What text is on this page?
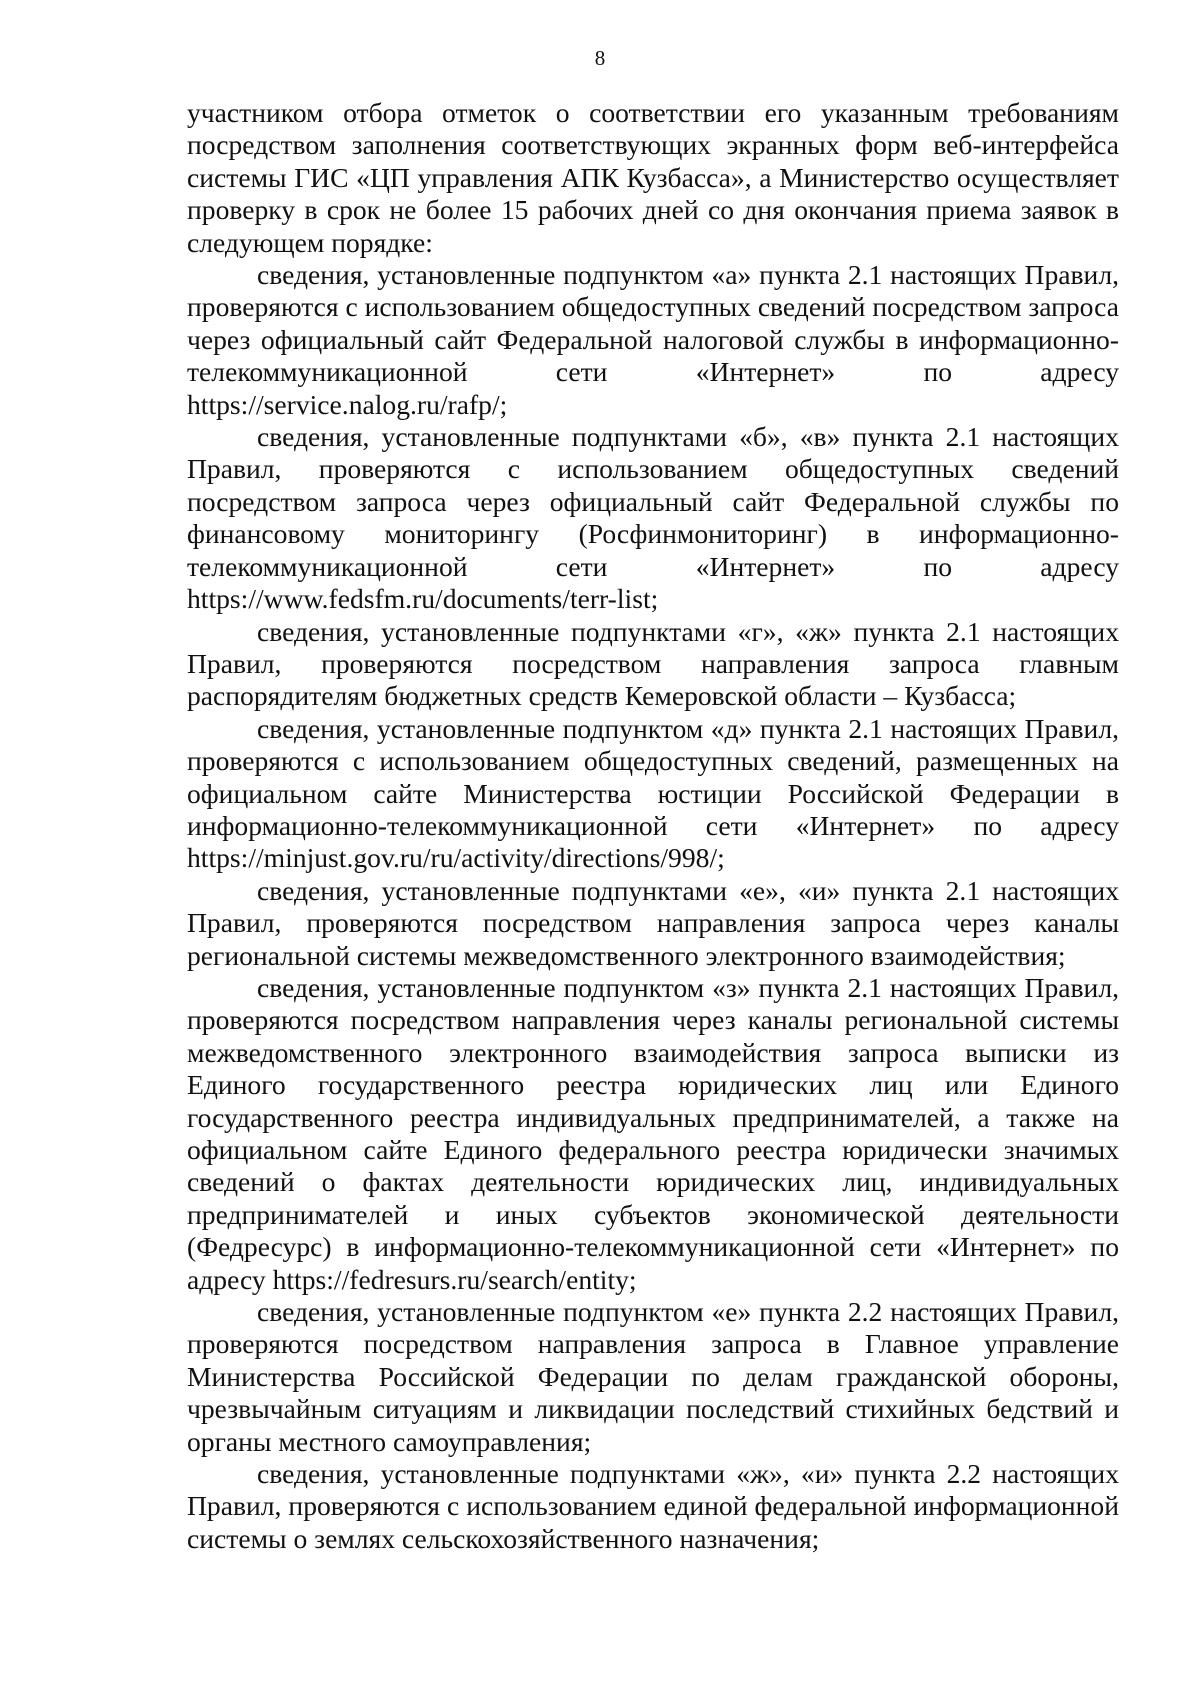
8

участником отбора отметок о соответствии его указанным требованиям посредством заполнения соответствующих экранных форм веб-интерфейса системы ГИС «ЦП управления АПК Кузбасса», а Министерство осуществляет проверку в срок не более 15 рабочих дней со дня окончания приема заявок в следующем порядке:

сведения, установленные подпунктом «а» пункта 2.1 настоящих Правил, проверяются с использованием общедоступных сведений посредством запроса через официальный сайт Федеральной налоговой службы в информационно-телекоммуникационной сети «Интернет» по адресу https://service.nalog.ru/rafp/;

сведения, установленные подпунктами «б», «в» пункта 2.1 настоящих Правил, проверяются с использованием общедоступных сведений посредством запроса через официальный сайт Федеральной службы по финансовому мониторингу (Росфинмониторинг) в информационно-телекоммуникационной сети «Интернет» по адресу https://www.fedsfm.ru/documents/terr-list;

сведения, установленные подпунктами «г», «ж» пункта 2.1 настоящих Правил, проверяются посредством направления запроса главным распорядителям бюджетных средств Кемеровской области – Кузбасса;

сведения, установленные подпунктом «д» пункта 2.1 настоящих Правил, проверяются с использованием общедоступных сведений, размещенных на официальном сайте Министерства юстиции Российской Федерации в информационно-телекоммуникационной сети «Интернет» по адресу https://minjust.gov.ru/ru/activity/directions/998/;

сведения, установленные подпунктами «е», «и» пункта 2.1 настоящих Правил, проверяются посредством направления запроса через каналы региональной системы межведомственного электронного взаимодействия;

сведения, установленные подпунктом «з» пункта 2.1 настоящих Правил, проверяются посредством направления через каналы региональной системы межведомственного электронного взаимодействия запроса выписки из Единого государственного реестра юридических лиц или Единого государственного реестра индивидуальных предпринимателей, а также на официальном сайте Единого федерального реестра юридически значимых сведений о фактах деятельности юридических лиц, индивидуальных предпринимателей и иных субъектов экономической деятельности (Федресурс) в информационно-телекоммуникационной сети «Интернет» по адресу https://fedresurs.ru/search/entity;

сведения, установленные подпунктом «е» пункта 2.2 настоящих Правил, проверяются посредством направления запроса в Главное управление Министерства Российской Федерации по делам гражданской обороны, чрезвычайным ситуациям и ликвидации последствий стихийных бедствий и органы местного самоуправления;

сведения, установленные подпунктами «ж», «и» пункта 2.2 настоящих Правил, проверяются с использованием единой федеральной информационной системы о землях сельскохозяйственного назначения;
